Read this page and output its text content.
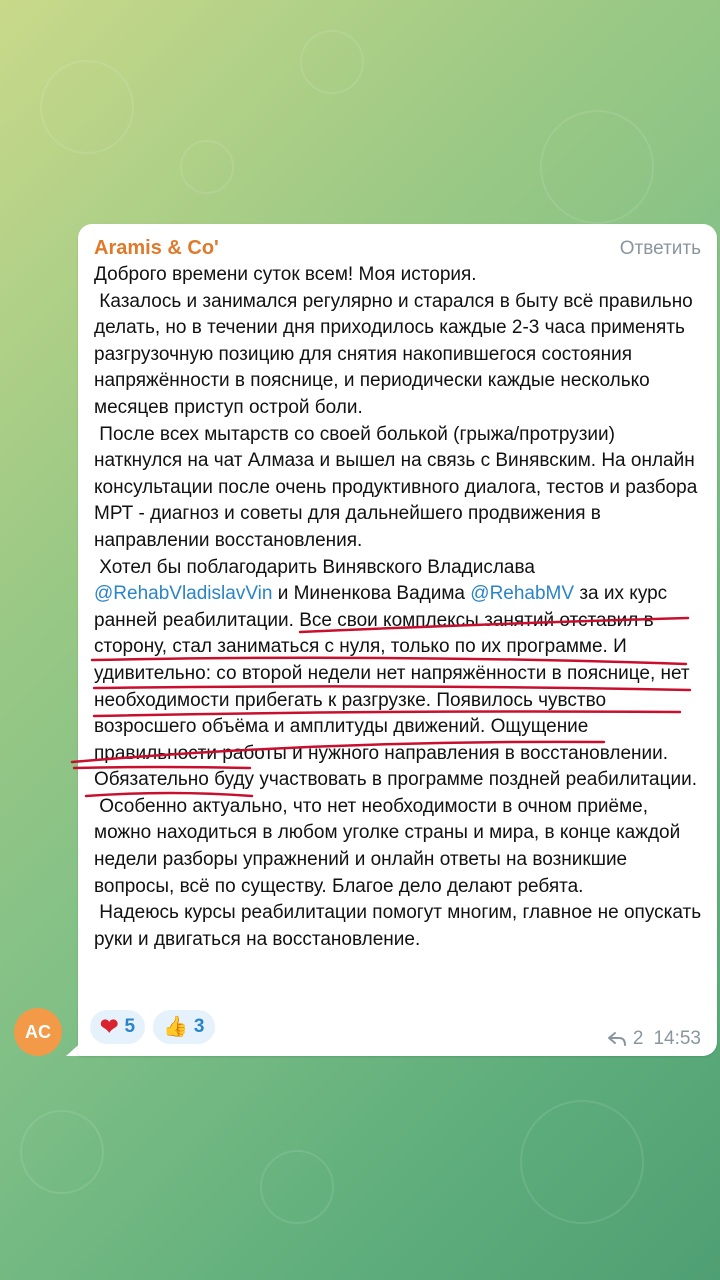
Aramis & Co'	Ответить
Доброго времени суток всем! Моя история.
Казалось и занимался регулярно и старался в быту всё правильно делать, но в течении дня приходилось каждые 2-3 часа применять разгрузочную позицию для снятия накопившегося состояния напряжённости в пояснице, и периодически каждые несколько месяцев приступ острой боли.
После всех мытарств со своей болькой (грыжа/протрузии) наткнулся на чат Алмаза и вышел на связь с Винявским. На онлайн консультации после очень продуктивного диалога, тестов и разбора МРТ - диагноз и советы для дальнейшего продвижения в направлении восстановления.
Хотел бы поблагодарить Винявского Владислава @RehabVladislavVin и Миненкова Вадима @RehabMV за их курс ранней реабилитации. Все свои комплексы занятий отставил в сторону, стал заниматься с нуля, только по их программе. И удивительно: со второй недели нет напряжённости в пояснице, нет необходимости прибегать к разгрузке. Появилось чувство возросшего объёма и амплитуды движений. Ощущение правильности работы и нужного направления в восстановлении. Обязательно буду участвовать в программе поздней реабилитации.
Особенно актуально, что нет необходимости в очном приёме, можно находиться в любом уголке страны и мира, в конце каждой недели разборы упражнений и онлайн ответы на возникшие вопросы, всё по существу. Благое дело делают ребята.
Надеюсь курсы реабилитации помогут многим, главное не опускать руки и двигаться на восстановление.
❤ 5 👍 3
2 14:53
AC
